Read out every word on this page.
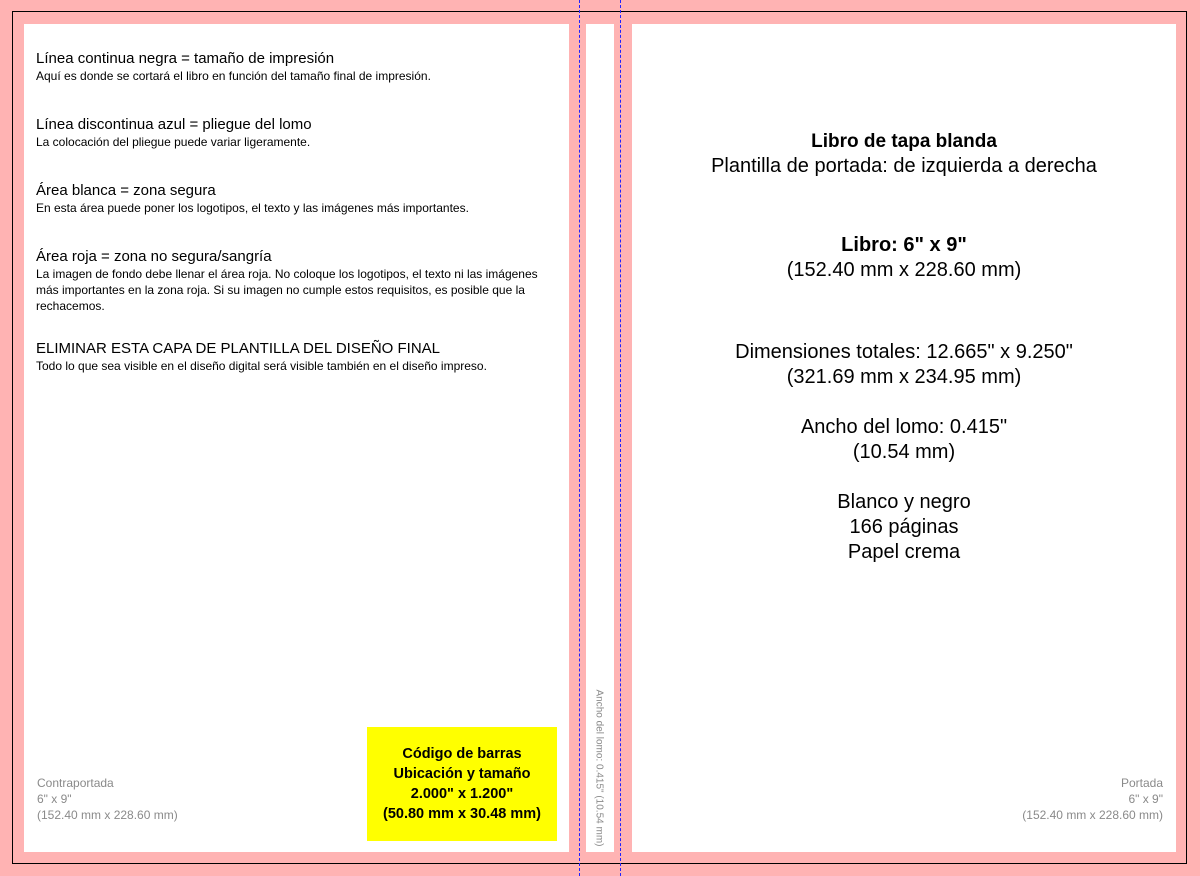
Línea continua negra = tamaño de impresión
Aquí es donde se cortará el libro en función del tamaño final de impresión.
Línea discontinua azul = pliegue del lomo
La colocación del pliegue puede variar ligeramente.
Área blanca = zona segura
En esta área puede poner los logotipos, el texto y las imágenes más importantes.
Área roja = zona no segura/sangría
La imagen de fondo debe llenar el área roja. No coloque los logotipos, el texto ni las imágenes más importantes en la zona roja. Si su imagen no cumple estos requisitos, es posible que la rechacemos.
ELIMINAR ESTA CAPA DE PLANTILLA DEL DISEÑO FINAL
Todo lo que sea visible en el diseño digital será visible también en el diseño impreso.
Contraportada
6" x 9"
(152.40 mm x 228.60 mm)
Código de barras
Ubicación y tamaño
2.000" x 1.200"
(50.80 mm x 30.48 mm)	Ancho del lomo: 0.415" (10.54 mm)
Libro de tapa blanda
Plantilla de portada: de izquierda a derecha
Libro: 6" x 9"
(152.40 mm x 228.60 mm)
Dimensiones totales: 12.665" x 9.250"
(321.69 mm x 234.95 mm)
Ancho del lomo: 0.415"
(10.54 mm)
Blanco y negro
166 páginas
Papel crema
Portada
6" x 9"
(152.40 mm x 228.60 mm)
